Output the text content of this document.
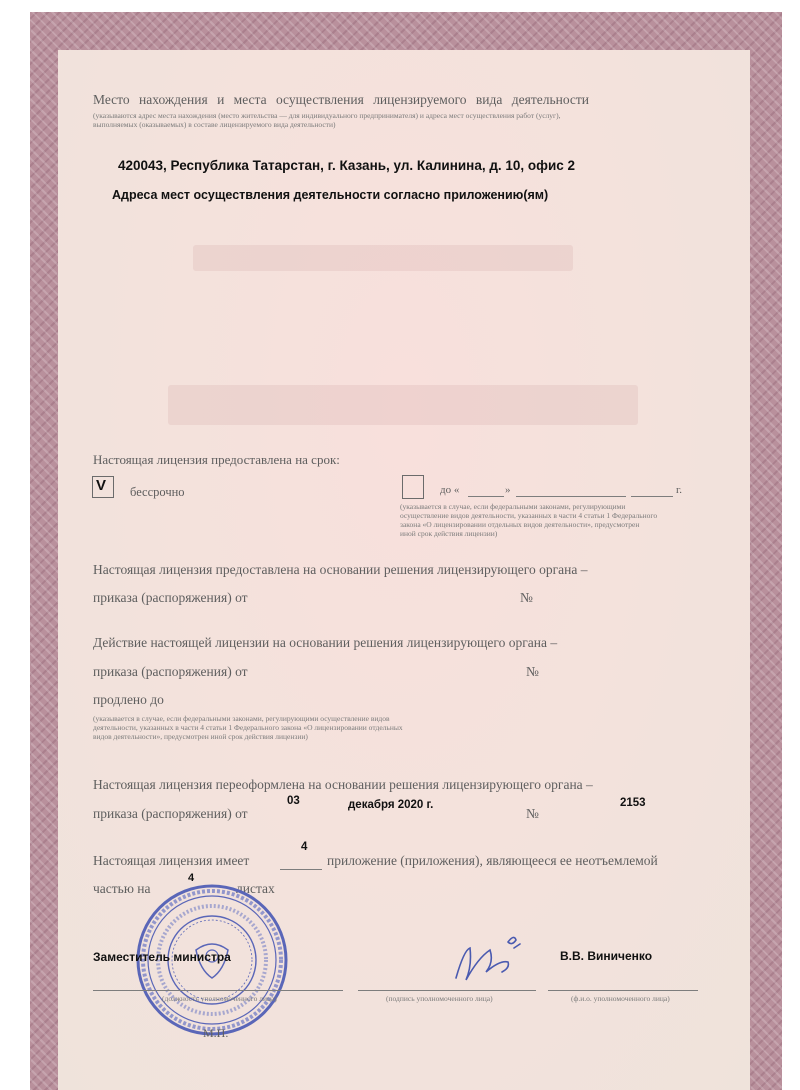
Место нахождения и места осуществления лицензируемого вида деятельности
(указываются адрес места нахождения (место жительства — для индивидуального предпринимателя) и адреса мест осуществления работ (услуг),
выполняемых (оказываемых) в составе лицензируемого вида деятельности)
420043, Республика Татарстан, г. Казань, ул. Калинина, д. 10, офис 2
Адреса мест осуществления деятельности согласно приложению(ям)
Настоящая лицензия предоставлена на срок:
V бессрочно	до «	»	г.
(указывается в случае, если федеральными законами, регулирующими
осуществление видов деятельности, указанных в части 4 статьи 1 Федерального
закона «О лицензировании отдельных видов деятельности», предусмотрен
иной срок действия лицензии)
Настоящая лицензия предоставлена на основании решения лицензирующего органа –
приказа (распоряжения) от	№
Действие настоящей лицензии на основании решения лицензирующего органа –
приказа (распоряжения) от	№
продлено до
(указывается в случае, если федеральными законами, регулирующими осуществление видов
деятельности, указанных в части 4 статьи 1 Федерального закона «О лицензировании отдельных
видов деятельности», предусмотрен иной срок действия лицензии)
Настоящая лицензия переоформлена на основании решения лицензирующего органа –
приказа (распоряжения) от
03	декабря 2020 г.
№
2153
4
Настоящая лицензия имеет	приложение (приложения), являющееся ее неотъемлемой
частью на
4
листах
Заместитель министра	В.В. Виниченко
(должность уполномоченного лица)	(подпись уполномоченного лица)	(ф.и.о. уполномоченного лица)
М.П.
